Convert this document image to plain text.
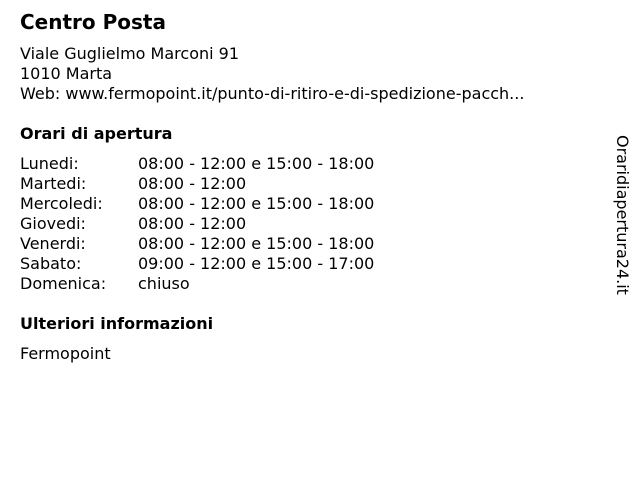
Centro Posta
Viale Guglielmo Marconi 91
1010 Marta
Web: www.fermopoint.it/punto-di-ritiro-e-di-spedizione-pacch...
Orari di apertura
Lunedi:	08:00 - 12:00 e 15:00 - 18:00
Martedi:	08:00 - 12:00
Mercoledi:	08:00 - 12:00 e 15:00 - 18:00
Giovedi:	08:00 - 12:00
Venerdi:	08:00 - 12:00 e 15:00 - 18:00
Sabato:	09:00 - 12:00 e 15:00 - 17:00
Domenica:	chiuso
Ulteriori informazioni
Fermopoint
Oraridiapertura24.it
